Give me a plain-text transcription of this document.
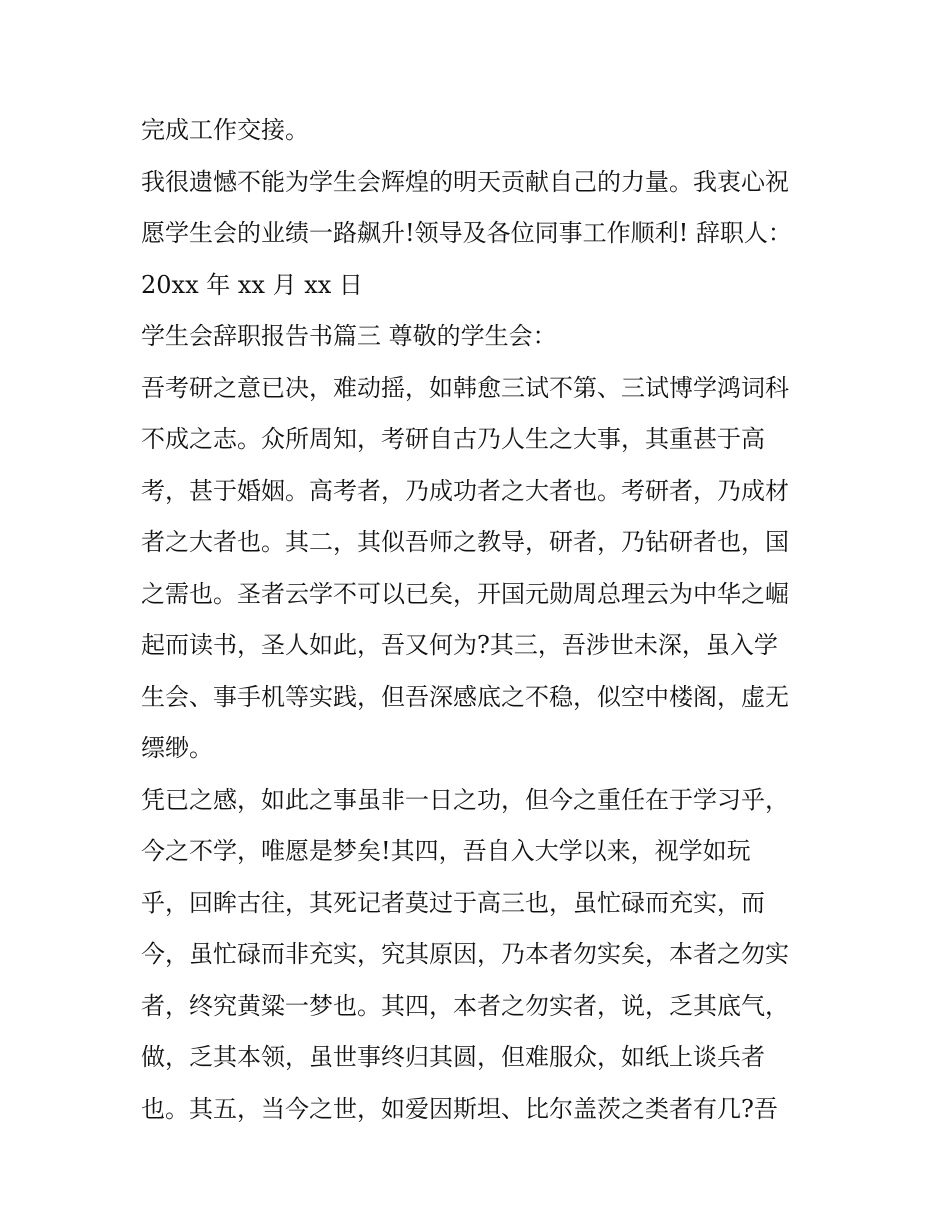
完成工作交接。
我很遗憾不能为学生会辉煌的明天贡献自己的力量。我衷心祝
愿学生会的业绩一路飙升!领导及各位同事工作顺利! 辞职人：
20xx 年 xx 月 xx 日
学生会辞职报告书篇三 尊敬的学生会：
吾考研之意已决，难动摇，如韩愈三试不第、三试博学鸿词科
不成之志。众所周知，考研自古乃人生之大事，其重甚于高
考，甚于婚姻。高考者，乃成功者之大者也。考研者，乃成材
者之大者也。其二，其似吾师之教导，研者，乃钻研者也，国
之需也。圣者云学不可以已矣，开国元勋周总理云为中华之崛
起而读书，圣人如此，吾又何为?其三，吾涉世未深，虽入学
生会、事手机等实践，但吾深感底之不稳，似空中楼阁，虚无
缥缈。
凭已之感，如此之事虽非一日之功，但今之重任在于学习乎，
今之不学，唯愿是梦矣!其四，吾自入大学以来，视学如玩
乎，回眸古往，其死记者莫过于高三也，虽忙碌而充实，而
今，虽忙碌而非充实，究其原因，乃本者勿实矣，本者之勿实
者，终究黄粱一梦也。其四，本者之勿实者，说，乏其底气，
做，乏其本领，虽世事终归其圆，但难服众，如纸上谈兵者
也。其五，当今之世，如爱因斯坦、比尔盖茨之类者有几?吾
